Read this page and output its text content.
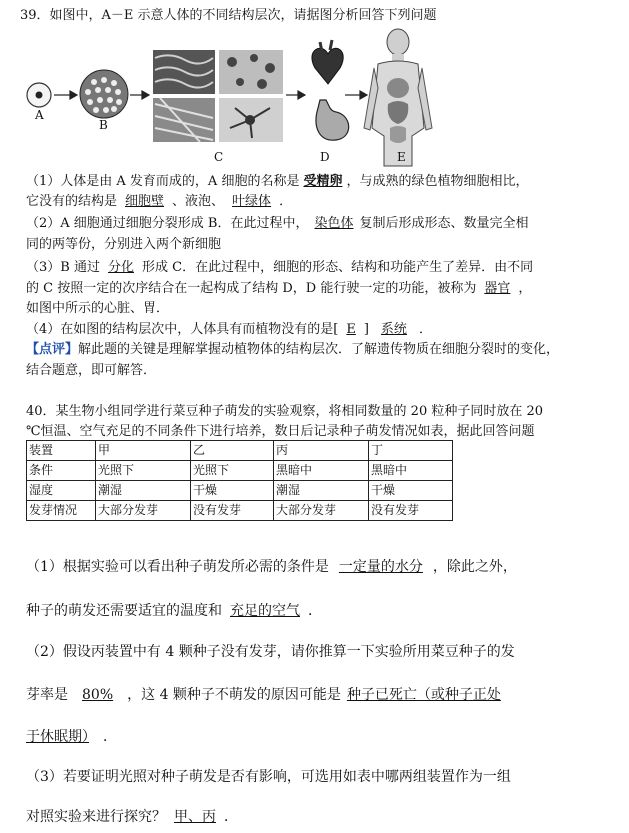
39．如图中，A－E 示意人体的不同结构层次，请据图分析回答下列问题
A
B
C	D	E
（1）人体是由 A 发育而成的，A 细胞的名称是 受精卵 ，与成熟的绿色植物细胞相比，
它没有的结构是 细胞壁 、液泡、 叶绿体 ．
（2）A 细胞通过细胞分裂形成 B．在此过程中， 染色体 复制后形成形态、数量完全相
同的两等份，分别进入两个新细胞
（3）B 通过 分化 形成 C．在此过程中，细胞的形态、结构和功能产生了差异．由不同
的 C 按照一定的次序结合在一起构成了结构 D，D 能行驶一定的功能，被称为 器官 ，
如图中所示的心脏、胃．
（4）在如图的结构层次中，人体具有而植物没有的是[ E ] 系统 ．
【点评】解此题的关键是理解掌握动植物体的结构层次．了解遗传物质在细胞分裂时的变化，
结合题意，即可解答．
40．某生物小组同学进行菜豆种子萌发的实验观察，将相同数量的 20 粒种子同时放在 20
℃恒温、空气充足的不同条件下进行培养，数日后记录种子萌发情况如表，据此回答问题
装置	甲	乙	丙	丁
条件	光照下	光照下	黑暗中	黑暗中
湿度	潮湿	干燥	潮湿	干燥
发芽情况	大部分发芽	没有发芽	大部分发芽	没有发芽
（1）根据实验可以看出种子萌发所必需的条件是 一定量的水分 ，除此之外，
种子的萌发还需要适宜的温度和 充足的空气 ．
（2）假设丙装置中有 4 颗种子没有发芽，请你推算一下实验所用菜豆种子的发
芽率是 80% ，这 4 颗种子不萌发的原因可能是 种子已死亡（或种子正处
于休眠期） ．
（3）若要证明光照对种子萌发是否有影响，可选用如表中哪两组装置作为一组
对照实验来进行探究？ 甲、丙 ．
